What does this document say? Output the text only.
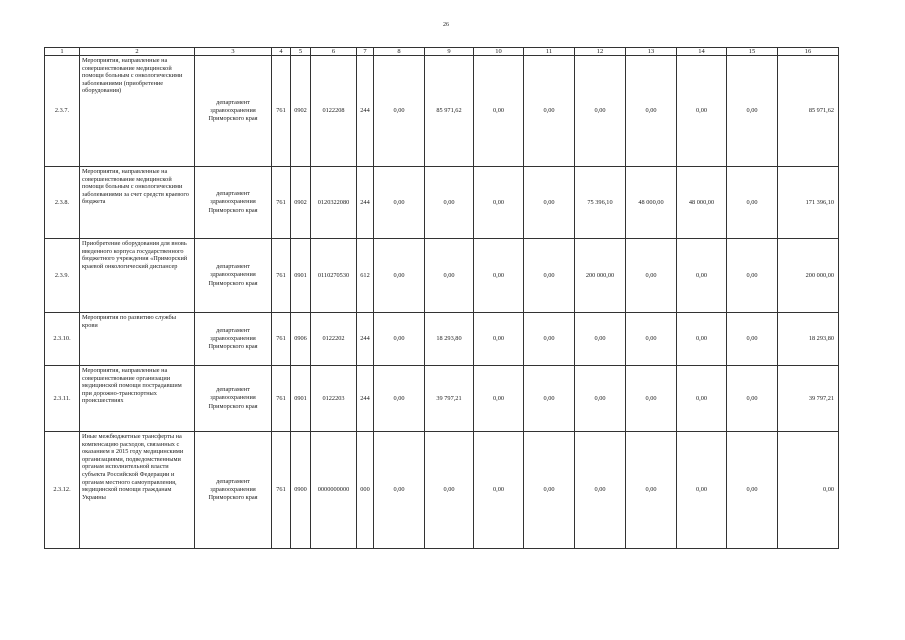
26
1	2	3	4	5	6	7	8	9	10	11	12	13	14	15	16
2.3.7.	Мероприятия, направленные на совершенствование медицинской помощи больным с онкологическими заболеваниями (приобретение оборудования)	департамент здравоохранения Приморского края	761	0902	0122208	244	0,00	85 971,62	0,00	0,00	0,00	0,00	0,00	0,00	85 971,62
2.3.8.	Мероприятия, направленные на совершенствование медицинской помощи больным с онкологическими заболеваниями за счет средств краевого бюджета	департамент здравоохранения Приморского края	761	0902	0120322080	244	0,00	0,00	0,00	0,00	75 396,10	48 000,00	48 000,00	0,00	171 396,10
2.3.9.	Приобретение оборудования для вновь введенного корпуса государственного бюджетного учреждения «Приморский краевой онкологический диспансер	департамент здравоохранения Приморского края	761	0901	0110270530	612	0,00	0,00	0,00	0,00	200 000,00	0,00	0,00	0,00	200 000,00
2.3.10.	Мероприятия по развитию службы крови	департамент здравоохранения Приморского края	761	0906	0122202	244	0,00	18 293,80	0,00	0,00	0,00	0,00	0,00	0,00	18 293,80
2.3.11.	Мероприятия, направленные на совершенствование организации медицинской помощи пострадавшим при дорожно-транспортных происшествиях	департамент здравоохранения Приморского края	761	0901	0122203	244	0,00	39 797,21	0,00	0,00	0,00	0,00	0,00	0,00	39 797,21
2.3.12.	Иные межбюджетные трансферты на компенсацию расходов, связанных с оказанием в 2015 году медицинскими организациями, подведомственными органам исполнительной власти субъекта Российской Федерации и органам местного самоуправления, медицинской помощи гражданам Украины	департамент здравоохранения Приморского края	761	0900	0000000000	000	0,00	0,00	0,00	0,00	0,00	0,00	0,00	0,00	0,00
